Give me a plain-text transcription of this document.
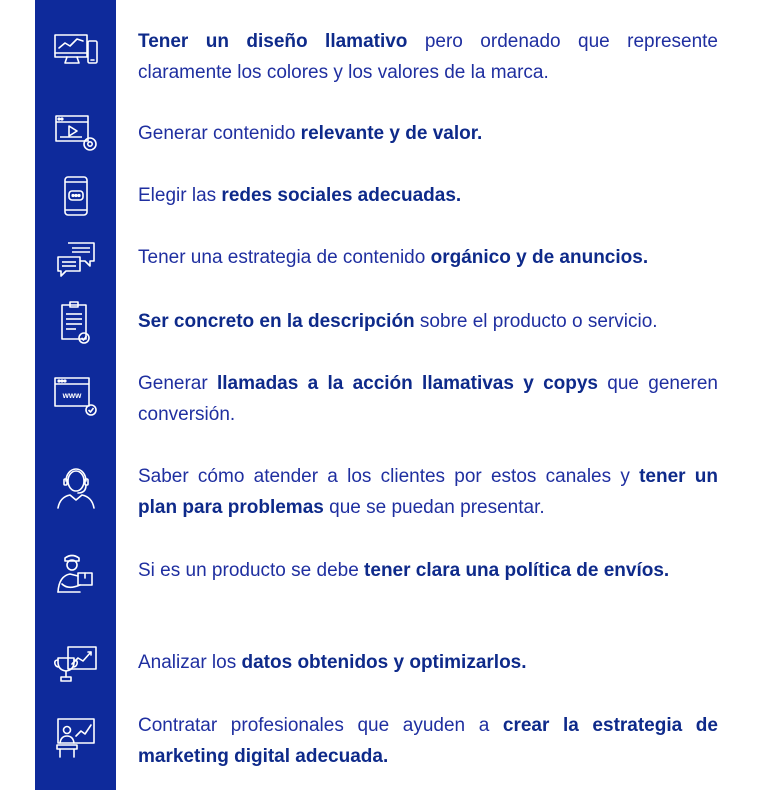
www

Tener un diseño llamativo pero ordenado que represente claramente los colores y los valores de la marca.

Generar contenido relevante y de valor.

Elegir las redes sociales adecuadas.

Tener una estrategia de contenido orgánico y de anuncios.

Ser concreto en la descripción sobre el producto o servicio.

Generar llamadas a la acción llamativas y copys que generen conversión.

Saber cómo atender a los clientes por estos canales y tener un plan para problemas que se puedan presentar.

Si es un producto se debe tener clara una política de envíos.

Analizar los datos obtenidos y optimizarlos.

Contratar profesionales que ayuden a crear la estrategia de marketing digital adecuada.
